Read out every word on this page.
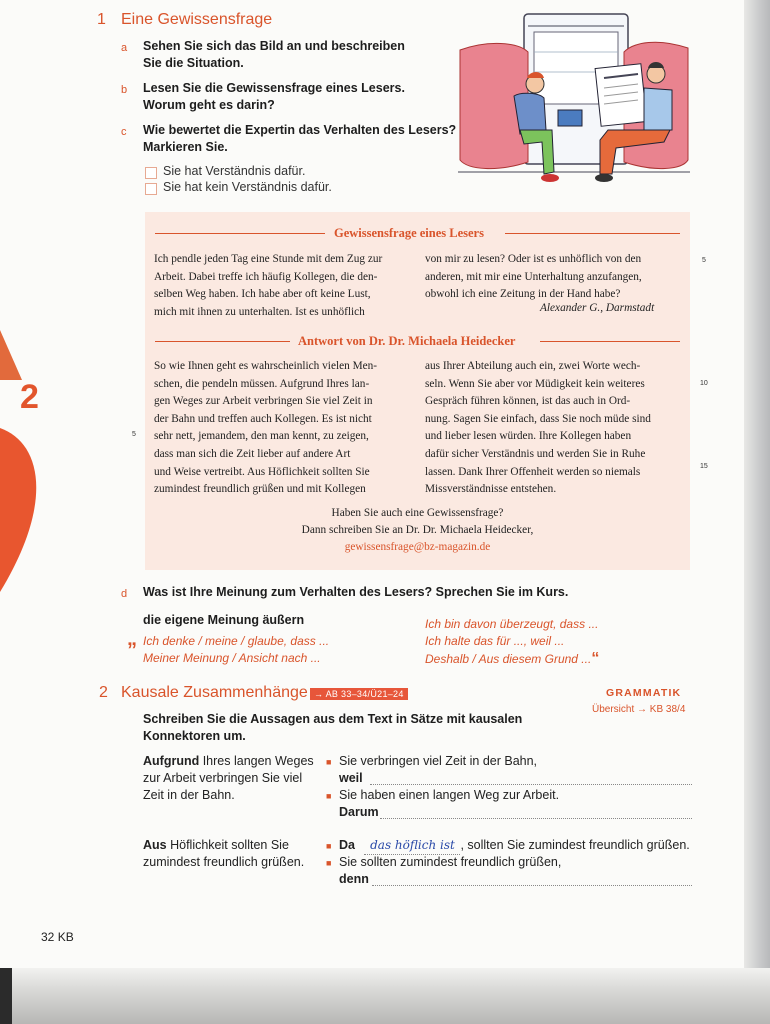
2
1 Eine Gewissensfrage
a Sehen Sie sich das Bild an und beschreiben
Sie die Situation.
b Lesen Sie die Gewissensfrage eines Lesers.
Worum geht es darin?
c Wie bewertet die Expertin das Verhalten des Lesers?
Markieren Sie.
Sie hat Verständnis dafür.
Sie hat kein Verständnis dafür.
Gewissensfrage eines Lesers
Ich pendle jeden Tag eine Stunde mit dem Zug zur
Arbeit. Dabei treffe ich häufig Kollegen, die den-
selben Weg haben. Ich habe aber oft keine Lust,
mich mit ihnen zu unterhalten. Ist es unhöflich
von mir zu lesen? Oder ist es unhöflich von den
anderen, mit mir eine Unterhaltung anzufangen,
obwohl ich eine Zeitung in der Hand habe?
Alexander G., Darmstadt
5
Antwort von Dr. Dr. Michaela Heidecker
So wie Ihnen geht es wahrscheinlich vielen Men-
schen, die pendeln müssen. Aufgrund Ihres lan-
gen Weges zur Arbeit verbringen Sie viel Zeit in
der Bahn und treffen auch Kollegen. Es ist nicht
sehr nett, jemandem, den man kennt, zu zeigen,
dass man sich die Zeit lieber auf andere Art
und Weise vertreibt. Aus Höflichkeit sollten Sie
zumindest freundlich grüßen und mit Kollegen
aus Ihrer Abteilung auch ein, zwei Worte wech-
seln. Wenn Sie aber vor Müdigkeit kein weiteres
Gespräch führen können, ist das auch in Ord-
nung. Sagen Sie einfach, dass Sie noch müde sind
und lieber lesen würden. Ihre Kollegen haben
dafür sicher Verständnis und werden Sie in Ruhe
lassen. Dank Ihrer Offenheit werden so niemals
Missverständnisse entstehen.
5
10
15
Haben Sie auch eine Gewissensfrage?
Dann schreiben Sie an Dr. Dr. Michaela Heidecker,
gewissensfrage@bz-magazin.de
d Was ist Ihre Meinung zum Verhalten des Lesers? Sprechen Sie im Kurs.
die eigene Meinung äußern
„ Ich denke / meine / glaube, dass ...
Meiner Meinung / Ansicht nach ...
Ich bin davon überzeugt, dass ...
Ich halte das für ..., weil ...
Deshalb / Aus diesem Grund ...“
2 Kausale Zusammenhänge → AB 33–34/Ü21–24	GRAMMATIK
Übersicht → KB 38/4
Schreiben Sie die Aussagen aus dem Text in Sätze mit kausalen
Konnektoren um.
Aufgrund Ihres langen Weges
zur Arbeit verbringen Sie viel
Zeit in der Bahn.
■ Sie verbringen viel Zeit in der Bahn,
weil
■ Sie haben einen langen Weg zur Arbeit.
Darum
Aus Höflichkeit sollten Sie
zumindest freundlich grüßen.
■ Da das höflich ist , sollten Sie zumindest freundlich grüßen.
■ Sie sollten zumindest freundlich grüßen,
denn
32 KB
